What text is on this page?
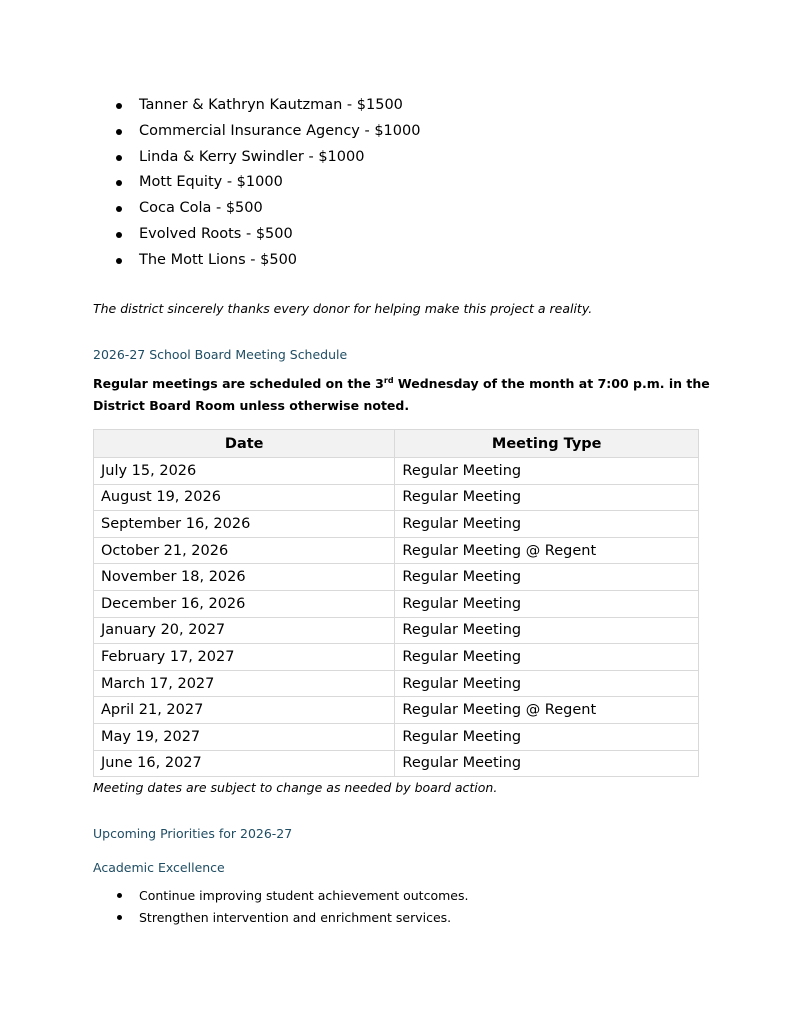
Tanner & Kathryn Kautzman - $1500
Commercial Insurance Agency - $1000
Linda & Kerry Swindler - $1000
Mott Equity - $1000
Coca Cola - $500
Evolved Roots - $500
The Mott Lions - $500
The district sincerely thanks every donor for helping make this project a reality.
2026-27 School Board Meeting Schedule
Regular meetings are scheduled on the 3rd Wednesday of the month at 7:00 p.m. in the District Board Room unless otherwise noted.
Date	Meeting Type
July 15, 2026	Regular Meeting
August 19, 2026	Regular Meeting
September 16, 2026	Regular Meeting
October 21, 2026	Regular Meeting @ Regent
November 18, 2026	Regular Meeting
December 16, 2026	Regular Meeting
January 20, 2027	Regular Meeting
February 17, 2027	Regular Meeting
March 17, 2027	Regular Meeting
April 21, 2027	Regular Meeting @ Regent
May 19, 2027	Regular Meeting
June 16, 2027	Regular Meeting
Meeting dates are subject to change as needed by board action.
Upcoming Priorities for 2026-27
Academic Excellence
Continue improving student achievement outcomes.
Strengthen intervention and enrichment services.
